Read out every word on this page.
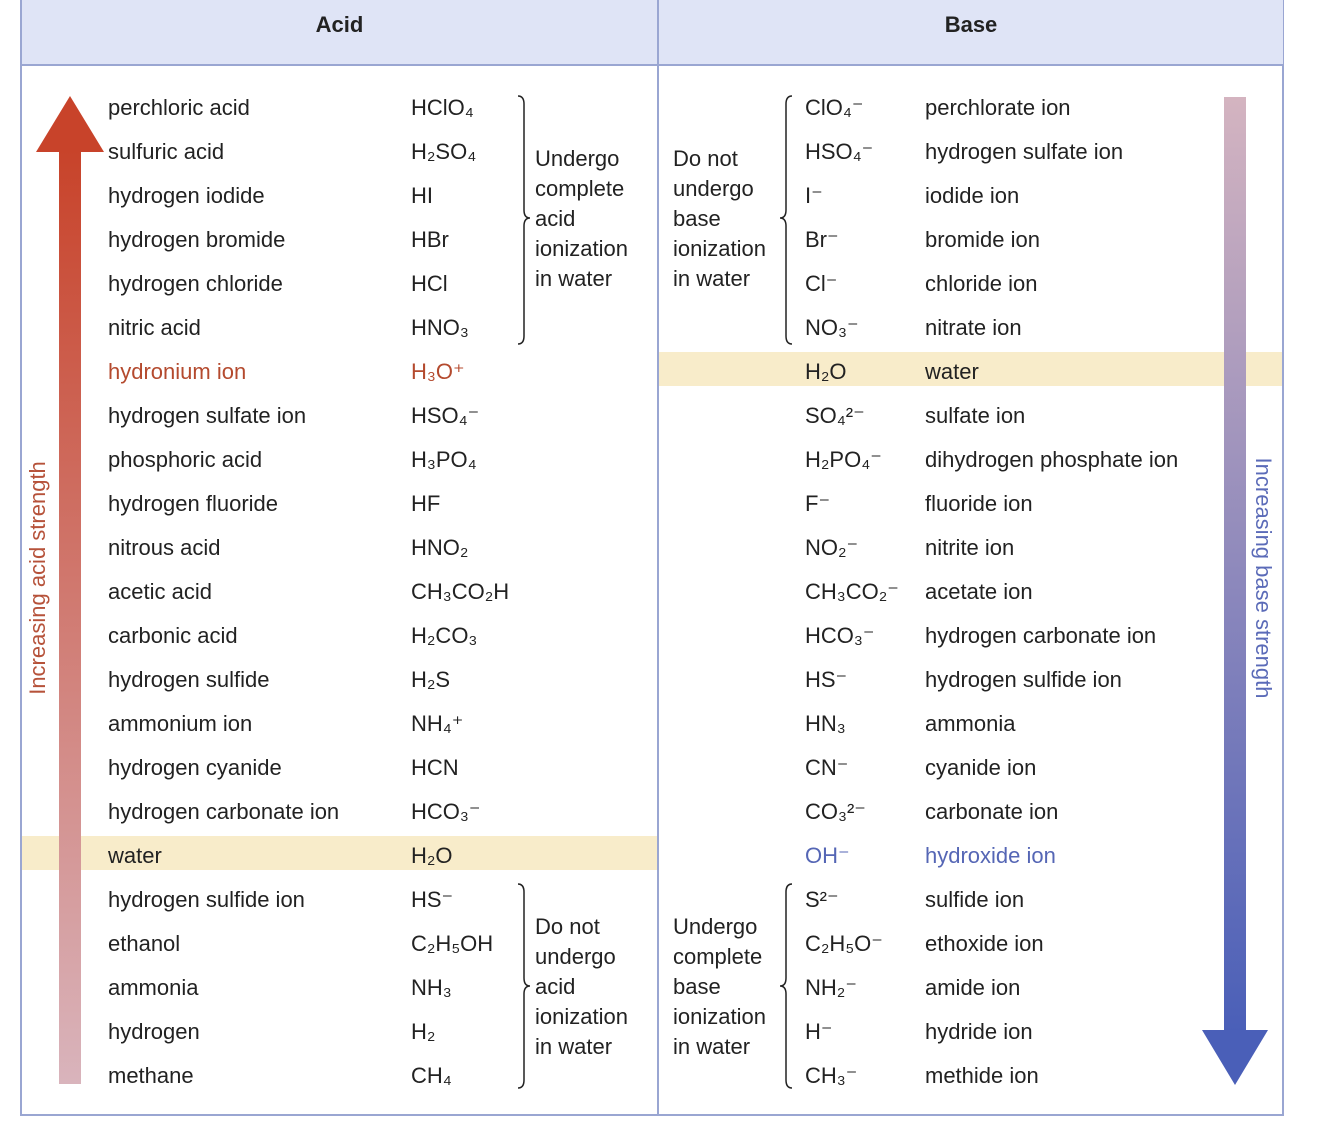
Acid	Base
Increasing acid strength	Increasing base strength
Undergo
complete
acid
ionization
in water
Do not
undergo
base
ionization
in water
Do not
undergo
acid
ionization
in water
Undergo
complete
base
ionization
in water
perchloric acid	HClO₄	ClO₄⁻	perchlorate ion
sulfuric acid	H₂SO₄	HSO₄⁻ hydrogen sulfate ion
hydrogen iodide	HI	I⁻	iodide ion
hydrogen bromide	HBr	Br⁻	bromide ion
hydrogen chloride	HCl	Cl⁻	chloride ion
nitric acid	HNO₃	NO₃⁻	nitrate ion
hydronium ion	H₃O⁺	H₂O	water
hydrogen sulfate ion	HSO₄⁻	SO₄²⁻	sulfate ion
phosphoric acid	H₃PO₄	H₂PO₄⁻ dihydrogen phosphate ion
hydrogen fluoride	HF	F⁻	fluoride ion
nitrous acid	HNO₂	NO₂⁻	nitrite ion
acetic acid	CH₃CO₂H	CH₃CO₂⁻ acetate ion
carbonic acid	H₂CO₃	HCO₃⁻ hydrogen carbonate ion
hydrogen sulfide	H₂S	HS⁻	hydrogen sulfide ion
ammonium ion	NH₄⁺	HN₃	ammonia
hydrogen cyanide	HCN	CN⁻	cyanide ion
hydrogen carbonate ion	HCO₃⁻	CO₃²⁻	carbonate ion
water	H₂O	OH⁻	hydroxide ion
hydrogen sulfide ion	HS⁻	S²⁻	sulfide ion
ethanol	C₂H₅OH	C₂H₅O⁻ ethoxide ion
ammonia	NH₃	NH₂⁻	amide ion
hydrogen	H₂	H⁻	hydride ion
methane	CH₄	CH₃⁻	methide ion
